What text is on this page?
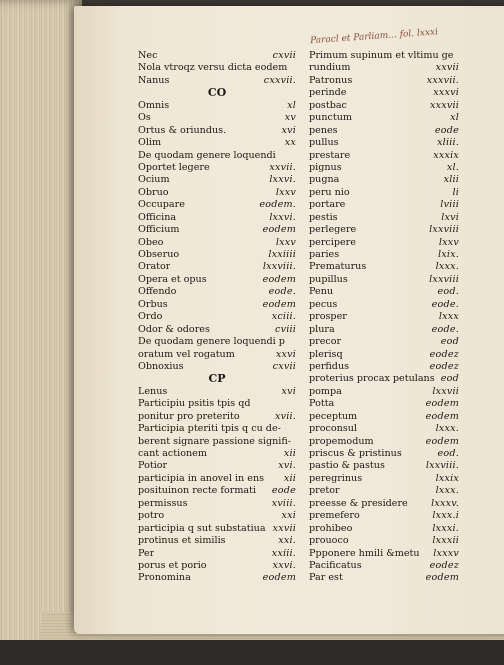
Paracl et Parliam... fol. lxxxi
Nec	cxvii
Nola vtroqz versu dicta eodem
Nanus	cxxvii.
CO
Omnis	xl
Os	xv
Ortus & oriundus.	xvi
Olim	xx
De quodam genere loquendi
Oportet legere	xxvii.
Ocium	lxxvi.
Obruo	lxxv
Occupare	eodem.
Officina	lxxvi.
Officium	eodem
Obeo	lxxv
Obseruo	lxxiiii
Orator	lxxviii.
Opera et opus	eodem
Offendo	eode.
Orbus	eodem
Ordo	xciii.
Odor & odores	cviii
De quodam genere loquendi p
oratum vel rogatum	xxvi
Obnoxius	cxvii
CP
Lenus	xvi
Participiu psitis tpis qd
ponitur pro preterito	xvii.
Participia pteriti tpis q cu de-
berent signare passione signifi-
cant actionem	xii
Potior	xvi.
participia in anovel in ens	xii
posituinon recte formati	eode
permissus	xviii.
potro	xxi
participia q sut substatiua xxvii
protinus et similis	xxi.
Per	xxiii.
porus et porio	xxvi.
Pronomina	eodem
Primum supinum et vltimu ge
rundium	xxvii
Patronus	xxxvii.
perinde	xxxvi
postbac	xxxvii
punctum	xl
penes	eode
pullus	xliii.
prestare	xxxix
pignus	xl.
pugna	xlii
peru nio	li
portare	lviii
pestis	lxvi
perlegere	lxxviii
percipere	lxxv
paries	lxix.
Prematurus	lxxx.
pupillus	lxxviii
Penu	eod.
pecus	eode.
prosper	lxxx
plura	eode.
precor	eod
plerisq	eodez
perfidus	eodez
proterius procax petulans eod
pompa	lxxvii
Potta	eodem
peceptum	eodem
proconsul	lxxx.
propemodum	eodem
priscus & pristinus	eod.
pastio & pastus	lxxviii.
peregrinus	lxxix
pretor	lxxx.
preesse & presidere	lxxxv.
premefero	lxxx.i
prohibeo	lxxxi.
prouoco	lxxxii
Ppponere hmili &metu	lxxxv
Pacificatus	eodez
Par est	eodem
